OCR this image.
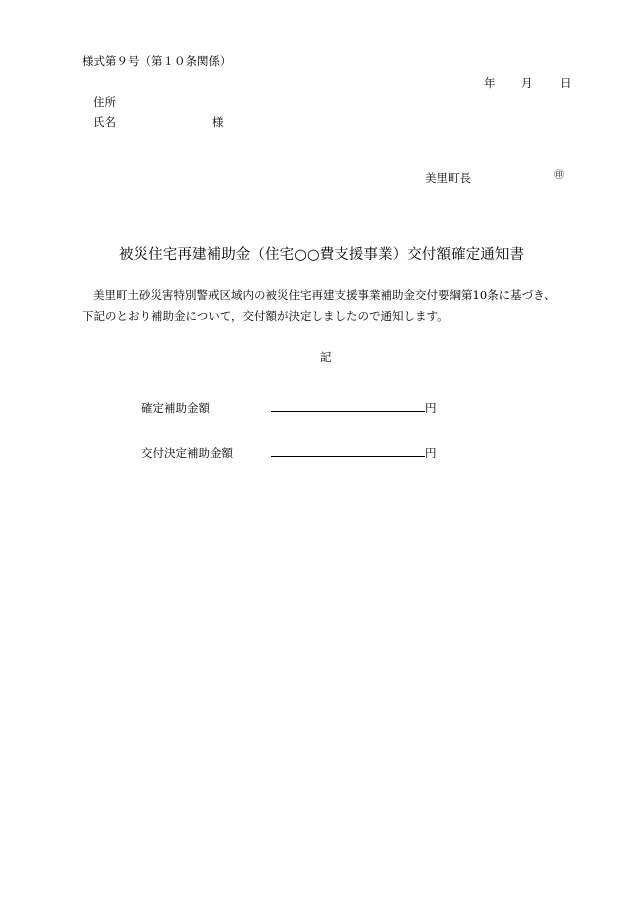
様式第９号（第１０条関係）
年 月 日
住所
氏名	様
美里町長	㊞
被災住宅再建補助金（住宅○○費支援事業）交付額確定通知書
美里町土砂災害特別警戒区域内の被災住宅再建支援事業補助金交付要綱第10条に基づき、下記のとおり補助金について，交付額が決定しましたので通知します。
記
確定補助金額	円
交付決定補助金額	円
